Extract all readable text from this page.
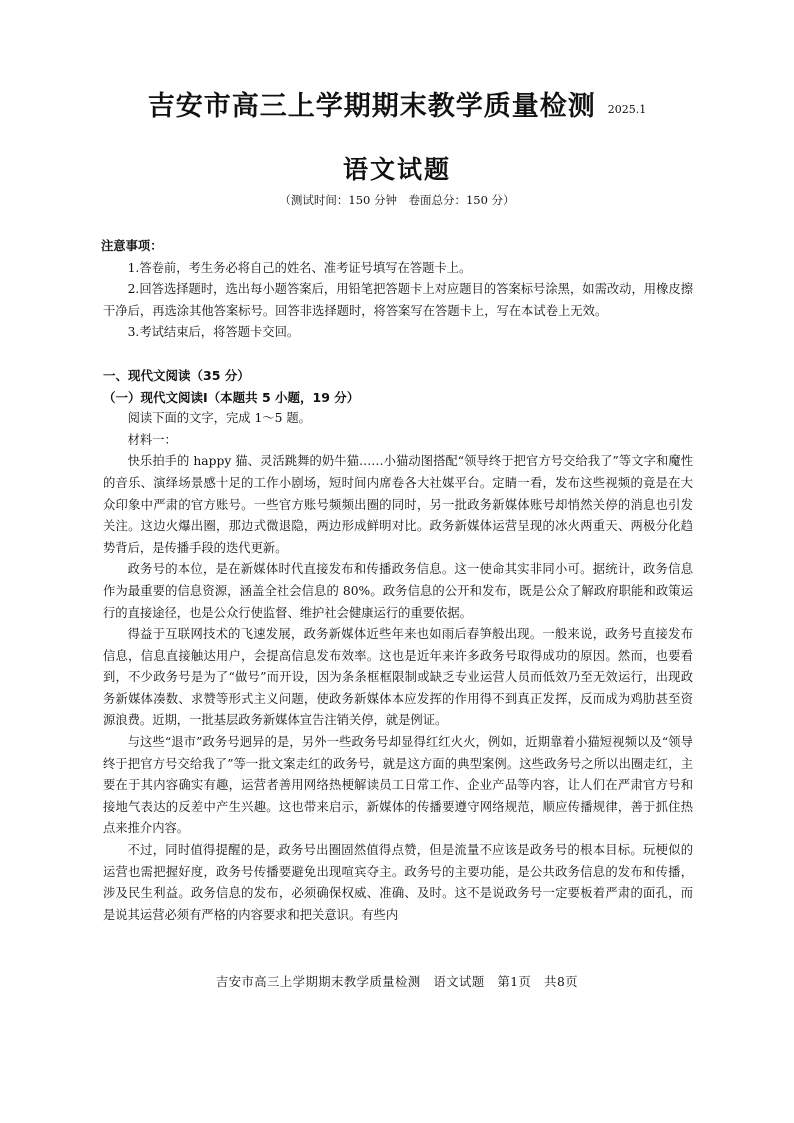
吉安市高三上学期期末教学质量检测 2025.1
语文试题
（测试时间：150 分钟　卷面总分：150 分）

注意事项：

1.答卷前，考生务必将自己的姓名、准考证号填写在答题卡上。

2.回答选择题时，选出每小题答案后，用铅笔把答题卡上对应题目的答案标号涂黑，如需改动，用橡皮擦干净后，再选涂其他答案标号。回答非选择题时，将答案写在答题卡上，写在本试卷上无效。

3.考试结束后，将答题卡交回。

一、现代文阅读（35 分）

（一）现代文阅读Ⅰ（本题共 5 小题，19 分）

阅读下面的文字，完成 1～5 题。

材料一：

快乐拍手的 happy 猫、灵活跳舞的奶牛猫……小猫动图搭配“领导终于把官方号交给我了”等文字和魔性的音乐、演绎场景感十足的工作小剧场，短时间内席卷各大社媒平台。定睛一看，发布这些视频的竟是在大众印象中严肃的官方账号。一些官方账号频频出圈的同时，另一批政务新媒体账号却悄然关停的消息也引发关注。这边火爆出圈，那边式微退隐，两边形成鲜明对比。政务新媒体运营呈现的冰火两重天、两极分化趋势背后，是传播手段的迭代更新。

政务号的本位，是在新媒体时代直接发布和传播政务信息。这一使命其实非同小可。据统计，政务信息作为最重要的信息资源，涵盖全社会信息的 80%。政务信息的公开和发布，既是公众了解政府职能和政策运行的直接途径，也是公众行使监督、维护社会健康运行的重要依据。

得益于互联网技术的飞速发展，政务新媒体近些年来也如雨后春笋般出现。一般来说，政务号直接发布信息，信息直接触达用户，会提高信息发布效率。这也是近年来许多政务号取得成功的原因。然而，也要看到，不少政务号是为了“做号”而开设，因为条条框框限制或缺乏专业运营人员而低效乃至无效运行，出现政务新媒体凑数、求赞等形式主义问题，使政务新媒体本应发挥的作用得不到真正发挥，反而成为鸡肋甚至资源浪费。近期，一批基层政务新媒体宣告注销关停，就是例证。

与这些“退市”政务号迥异的是，另外一些政务号却显得红红火火，例如，近期靠着小猫短视频以及“领导终于把官方号交给我了”等一批文案走红的政务号，就是这方面的典型案例。这些政务号之所以出圈走红，主要在于其内容确实有趣，运营者善用网络热梗解读员工日常工作、企业产品等内容，让人们在严肃官方号和接地气表达的反差中产生兴趣。这也带来启示，新媒体的传播要遵守网络规范，顺应传播规律，善于抓住热点来推介内容。

不过，同时值得提醒的是，政务号出圈固然值得点赞，但是流量不应该是政务号的根本目标。玩梗似的运营也需把握好度，政务号传播要避免出现喧宾夺主。政务号的主要功能，是公共政务信息的发布和传播，涉及民生利益。政务信息的发布，必须确保权威、准确、及时。这不是说政务号一定要板着严肃的面孔，而是说其运营必须有严格的内容要求和把关意识。有些内

吉安市高三上学期期末教学质量检测　语文试题　第1页　共8页
